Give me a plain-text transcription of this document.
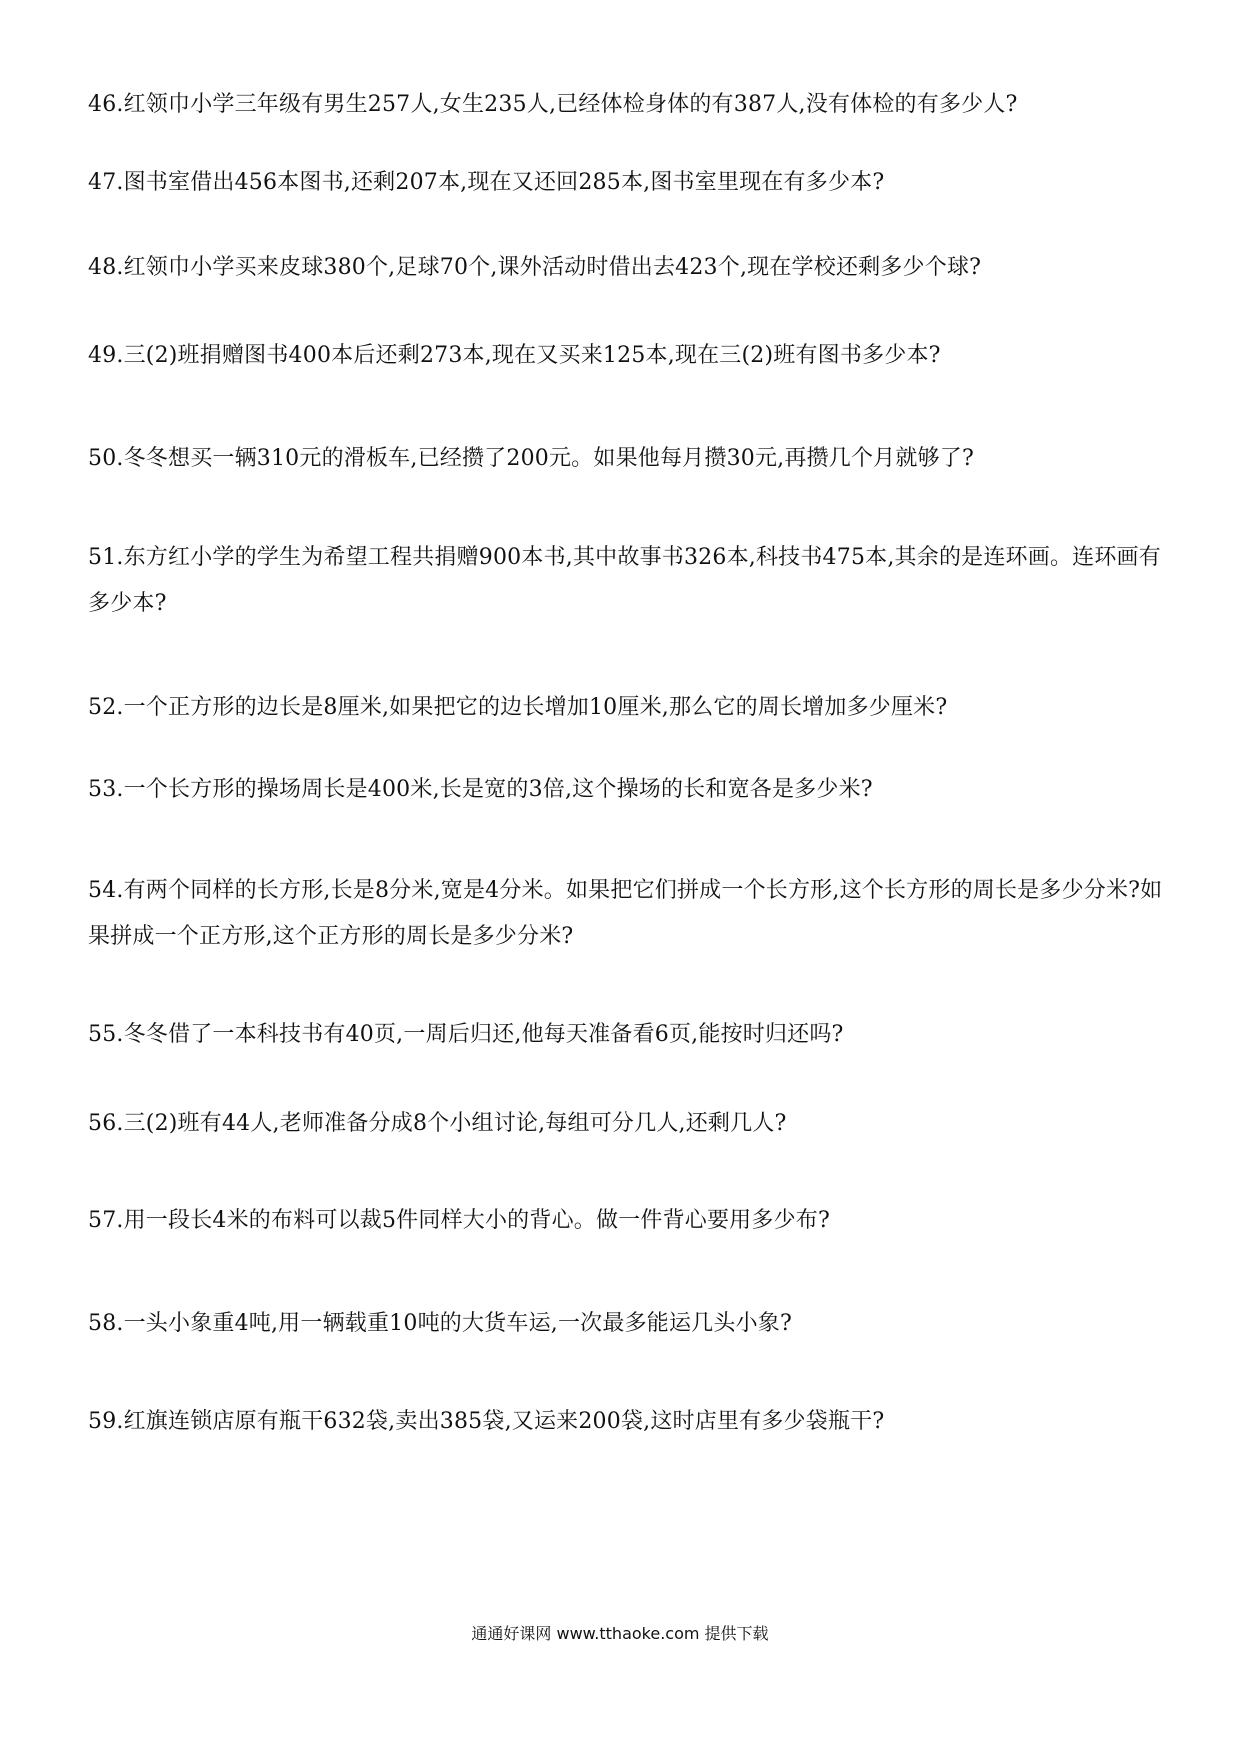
46.红领巾小学三年级有男生257人,女生235人,已经体检身体的有387人,没有体检的有多少人?
47.图书室借出456本图书,还剩207本,现在又还回285本,图书室里现在有多少本?
48.红领巾小学买来皮球380个,足球70个,课外活动时借出去423个,现在学校还剩多少个球?
49.三(2)班捐赠图书400本后还剩273本,现在又买来125本,现在三(2)班有图书多少本?
50.冬冬想买一辆310元的滑板车,已经攒了200元。如果他每月攒30元,再攒几个月就够了?
51.东方红小学的学生为希望工程共捐赠900本书,其中故事书326本,科技书475本,其余的是连环画。连环画有多少本?
52.一个正方形的边长是8厘米,如果把它的边长增加10厘米,那么它的周长增加多少厘米?
53.一个长方形的操场周长是400米,长是宽的3倍,这个操场的长和宽各是多少米?
54.有两个同样的长方形,长是8分米,宽是4分米。如果把它们拼成一个长方形,这个长方形的周长是多少分米?如果拼成一个正方形,这个正方形的周长是多少分米?
55.冬冬借了一本科技书有40页,一周后归还,他每天准备看6页,能按时归还吗?
56.三(2)班有44人,老师准备分成8个小组讨论,每组可分几人,还剩几人?
57.用一段长4米的布料可以裁5件同样大小的背心。做一件背心要用多少布?
58.一头小象重4吨,用一辆载重10吨的大货车运,一次最多能运几头小象?
59.红旗连锁店原有瓶干632袋,卖出385袋,又运来200袋,这时店里有多少袋瓶干?
通通好课网 www.tthaoke.com 提供下载
